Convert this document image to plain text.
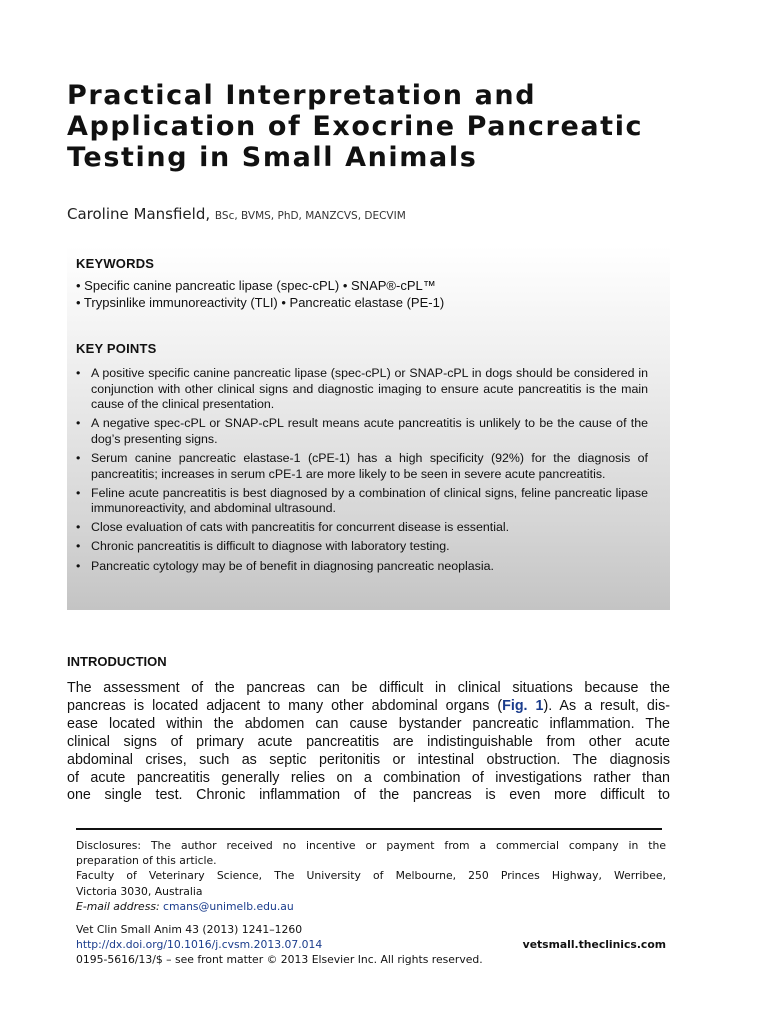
Practical Interpretation and
Application of Exocrine Pancreatic
Testing in Small Animals
Caroline Mansfield, BSc, BVMS, PhD, MANZCVS, DECVIM
KEYWORDS
• Specific canine pancreatic lipase (spec-cPL) • SNAP®-cPL™
• Trypsinlike immunoreactivity (TLI) • Pancreatic elastase (PE-1)
KEY POINTS
• A positive specific canine pancreatic lipase (spec-cPL) or SNAP-cPL in dogs should be considered in conjunction with other clinical signs and diagnostic imaging to ensure acute pancreatitis is the main cause of the clinical presentation.
• A negative spec-cPL or SNAP-cPL result means acute pancreatitis is unlikely to be the cause of the dog’s presenting signs.
• Serum canine pancreatic elastase-1 (cPE-1) has a high specificity (92%) for the diagnosis of pancreatitis; increases in serum cPE-1 are more likely to be seen in severe acute pancreatitis.
• Feline acute pancreatitis is best diagnosed by a combination of clinical signs, feline pancreatic lipase immunoreactivity, and abdominal ultrasound.
• Close evaluation of cats with pancreatitis for concurrent disease is essential.
• Chronic pancreatitis is difficult to diagnose with laboratory testing.
• Pancreatic cytology may be of benefit in diagnosing pancreatic neoplasia.
INTRODUCTION
The assessment of the pancreas can be difficult in clinical situations because the
pancreas is located adjacent to many other abdominal organs (Fig. 1). As a result, dis-
ease located within the abdomen can cause bystander pancreatic inflammation. The
clinical signs of primary acute pancreatitis are indistinguishable from other acute
abdominal crises, such as septic peritonitis or intestinal obstruction. The diagnosis
of acute pancreatitis generally relies on a combination of investigations rather than
one single test. Chronic inflammation of the pancreas is even more difficult to
Disclosures: The author received no incentive or payment from a commercial company in the
preparation of this article.
Faculty of Veterinary Science, The University of Melbourne, 250 Princes Highway, Werribee,
Victoria 3030, Australia
E-mail address: cmans@unimelb.edu.au
Vet Clin Small Anim 43 (2013) 1241–1260
http://dx.doi.org/10.1016/j.cvsm.2013.07.014	vetsmall.theclinics.com
0195-5616/13/$ – see front matter © 2013 Elsevier Inc. All rights reserved.
